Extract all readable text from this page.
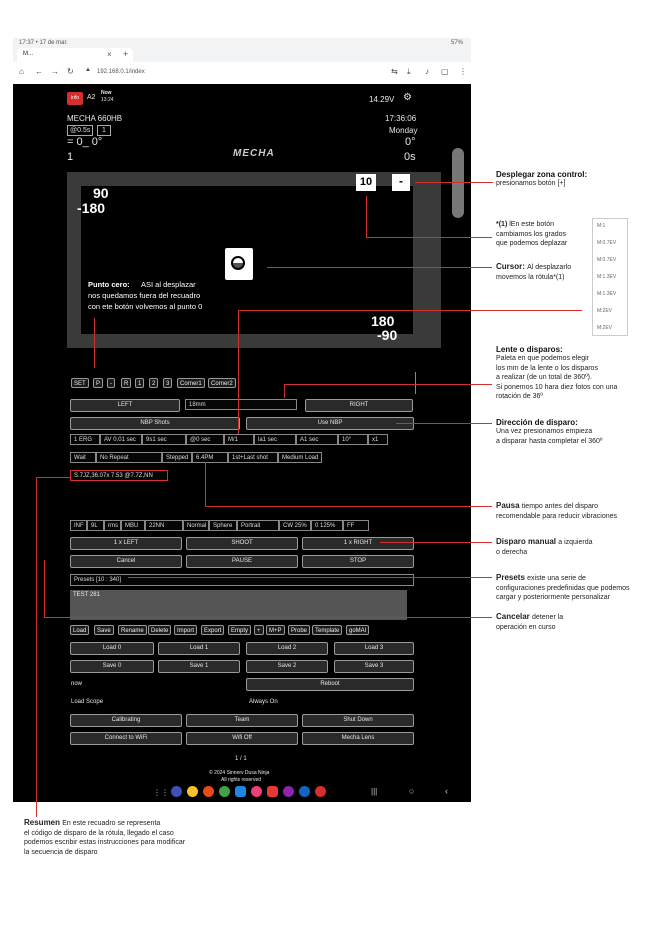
17:37 • 17 de mar.	57%
M...	× +
⌂ ← → ↻ ▲ 192.168.0.1/index	⇆ ⤓ ♪ ▢ ⋮
info	A2
Now
13:24	14.29V ⚙
MECHA 660HB	17:36:06
@0.5s	1	Monday
= 0_ 0°	0°
1	MECHA	0s
90
-180
10	-
Punto cero: ASI al desplazar
nos quedamos fuera del recuadro
con ete botón volvemos al punto 0
180
-90
SET	P	-	R	1	2	3	Corner1	Corner2
LEFT	18mm	RIGHT
NBP Shots	Use NBP
1 ERG	AV 0.01 sec	9s1 sec	@0 sec	M/1	la1 sec	A1 sec	10°	x1
Wait	No Repeat	Stepped	6.4PM	1st+Last shot	Medium Load
S.7JZ,36.07x 7.53 @7.7Z,NN
INF	9L	rms	MBU	22NN	Normal	Sphere	Portrait	CW 25%	0 125%	FF
1 x LEFT	SHOOT	1 x RIGHT
Cancel	PAUSE	STOP
Presets [10 : 340]
TEST 281
Load	Save	Rename	Delete	Import	Export	Empty	+	M+P	Probe	Template	goMAI
Load 0	Load 1	Load 2	Load 3
Save 0	Save 1	Save 2	Save 3
now	Reboot
Load Scope	Always On
Calibrating	Team	Shut Down
Connect to WiFi	Wifi Off	Mecha Lens
1 / 1
© 2024 Sinnerv Dusa Ninja
All rights reserved
⋮⋮	|||	○	‹
M:1
M:0.7EV
M:0.7EV
M:1.3EV
M:1.3EV
M:2EV
M:2EV
Desplegar zona control:
presionamos botón [+]
*(1) lEn este botón
cambiamos los grados
que podemos deplazar
Cursor: Al desplazarlo
movemos la rótula*(1)
Lente o disparos:
Paleta en que podemos elegir
los mm de la lente o los disparos
a realizar (de un total de 360º).
Si ponemos 10 hara diez fotos con una
rotación de 36º
Dirección de disparo:
Una vez presionamos empieza
a disparar hasta completar el 360º
Pausa tiempo antes del disparo
recomendable para reducir vibraciones
Disparo manual a izquierda
o derecha
Presets existe una serie de
configuraciones predefinidas que podemos
cargar y posteriormente personalizar
Cancelar detener la
operación en curso
Resumen En este recuadro se representa
el código de disparo de la rótula, llegado el caso
podemos escribir estas instrucciones para modificar
la secuencia de disparo
